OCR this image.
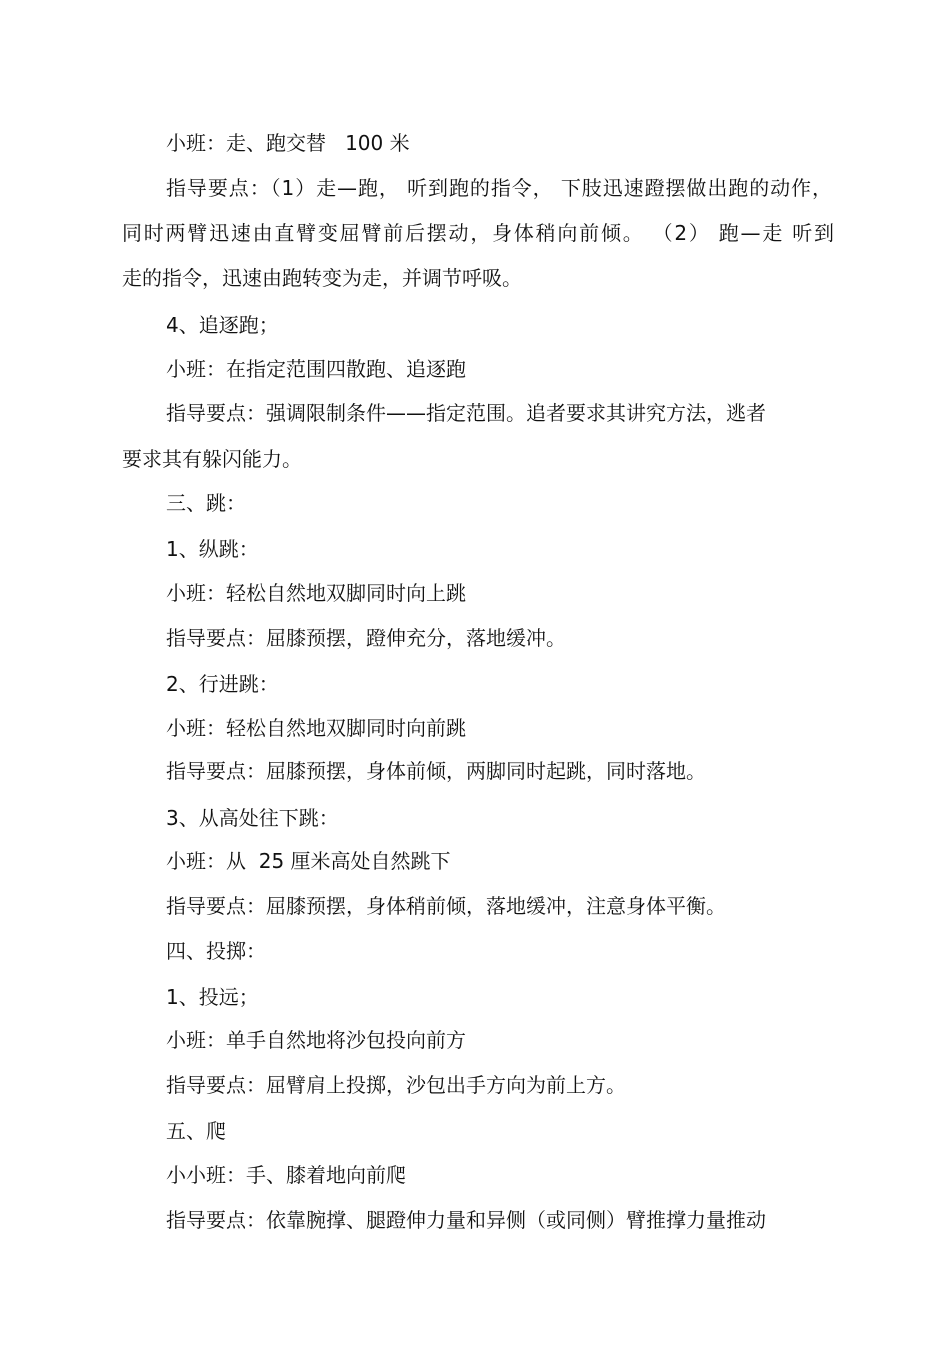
小班：走、跑交替   100 米

指导要点：（1）走—跑， 听到跑的指令， 下肢迅速蹬摆做出跑的动作，

同时两臂迅速由直臂变屈臂前后摆动，身体稍向前倾。 （2） 跑—走 听到

走的指令，迅速由跑转变为走，并调节呼吸。

4、追逐跑；

小班：在指定范围四散跑、追逐跑

指导要点：强调限制条件——指定范围。追者要求其讲究方法，逃者

要求其有躲闪能力。

三、跳：

1、纵跳：

小班：轻松自然地双脚同时向上跳

指导要点：屈膝预摆，蹬伸充分，落地缓冲。

2、行进跳：

小班：轻松自然地双脚同时向前跳

指导要点：屈膝预摆，身体前倾，两脚同时起跳，同时落地。

3、从高处往下跳：

小班：从  25 厘米高处自然跳下

指导要点：屈膝预摆，身体稍前倾，落地缓冲，注意身体平衡。

四、投掷：

1、投远；

小班：单手自然地将沙包投向前方

指导要点：屈臂肩上投掷，沙包出手方向为前上方。

五、爬

小小班：手、膝着地向前爬

指导要点：依靠腕撑、腿蹬伸力量和异侧（或同侧）臂推撑力量推动
